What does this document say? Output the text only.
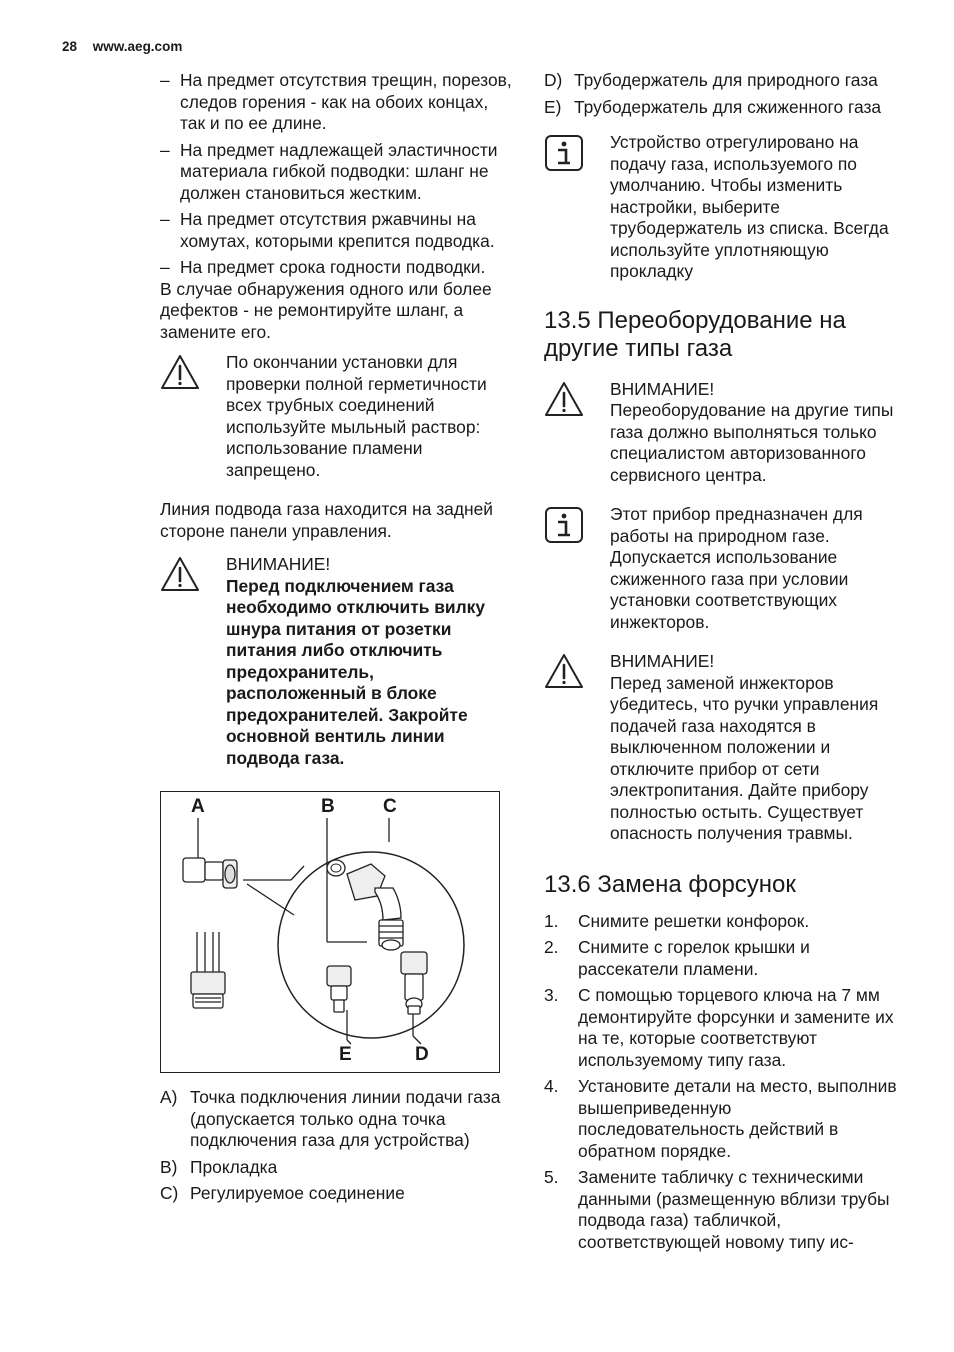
28 www.aeg.com
– На предмет отсутствия трещин, порезов, следов горения - как на обоих концах, так и по ее длине.
– На предмет надлежащей эластичности материала гибкой подводки: шланг не должен становиться жестким.
– На предмет отсутствия ржавчины на хомутах, которыми крепится подводка.
– На предмет срока годности подводки.

В случае обнаружения одного или более дефектов - не ремонтируйте шланг, а замените его.

По окончании установки для проверки полной герметичности всех трубных соединений используйте мыльный раствор: использование пламени запрещено.

Линия подвода газа находится на задней стороне панели управления.

ВНИМАНИЕ!

Перед подключением газа необходимо отключить вилку шнура питания от розетки питания либо отключить предохранитель, расположенный в блоке предохранителей. Закройте основной вентиль линии подвода газа.

A	B	C
E	D
A) Точка подключения линии подачи газа (допускается только одна точка подключения газа для устройства)
B) Прокладка
C) Регулируемое соединение
D) Трубодержатель для природного газа
E) Трубодержатель для сжиженного газа

Устройство отрегулировано на подачу газа, используемого по умолчанию. Чтобы изменить настройки, выберите трубодержатель из списка. Всегда используйте уплотняющую прокладку

13.5 Переоборудование на другие типы газа

ВНИМАНИЕ!

Переоборудование на другие типы газа должно выполняться только специалистом авторизованного сервисного центра.

Этот прибор предназначен для работы на природном газе. Допускается использование сжиженного газа при условии установки соответствующих инжекторов.

ВНИМАНИЕ!

Перед заменой инжекторов убедитесь, что ручки управления подачей газа находятся в выключенном положении и отключите прибор от сети электропитания. Дайте прибору полностью остыть. Существует опасность получения травмы.

13.6 Замена форсунок
1. Снимите решетки конфорок.
2. Снимите с горелок крышки и рассекатели пламени.
3. С помощью торцевого ключа на 7 мм демонтируйте форсунки и замените их на те, которые соответствуют используемому типу газа.
4. Установите детали на место, выполнив вышеприведенную последовательность действий в обратном порядке.
5. Замените табличку с техническими данными (размещенную вблизи трубы подвода газа) табличкой, соответствующей новому типу ис-
